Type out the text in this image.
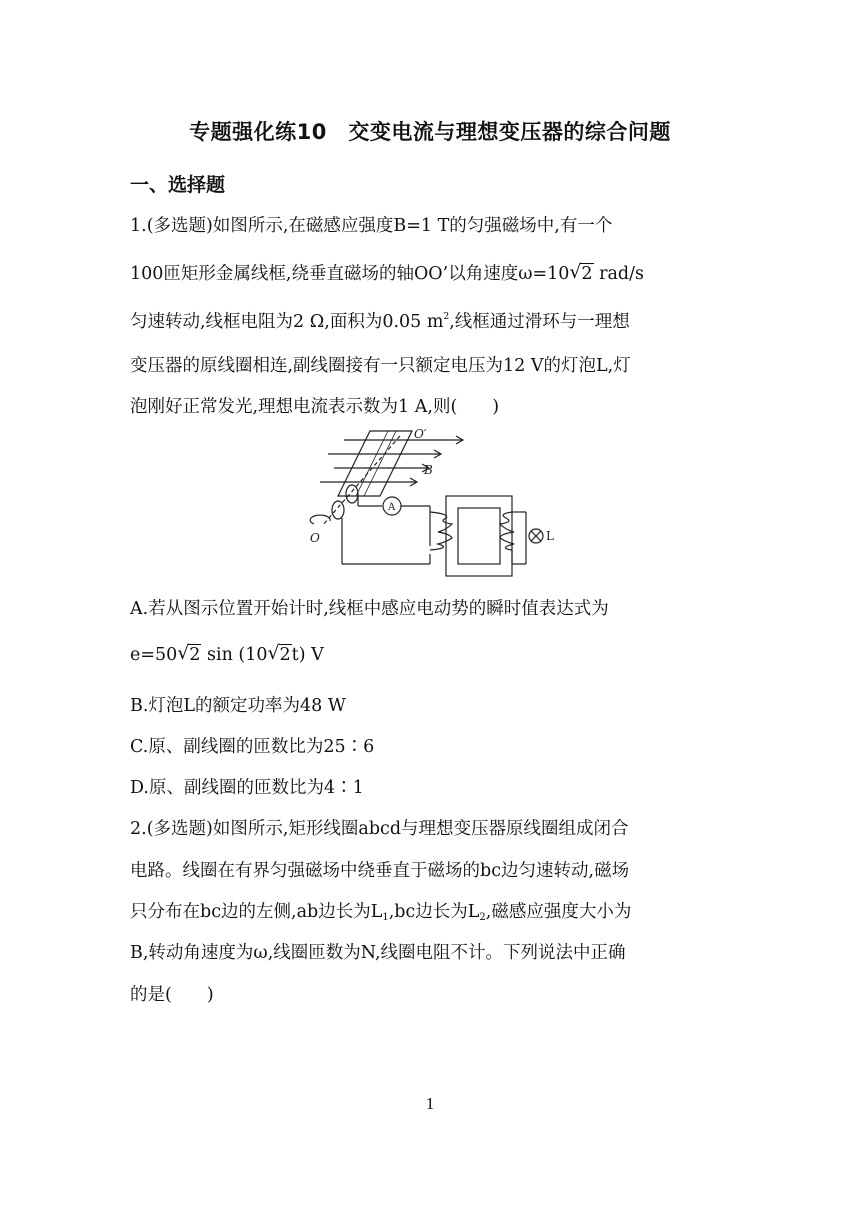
专题强化练10　交变电流与理想变压器的综合问题
一、选择题
1.(多选题)如图所示,在磁感应强度B=1 T的匀强磁场中,有一个
100匝矩形金属线框,绕垂直磁场的轴OO’以角速度ω=10 √ 2 rad/s
匀速转动,线框电阻为2 Ω,面积为0.05 $m^2$,线框通过滑环与一理想
变压器的原线圈相连,副线圈接有一只额定电压为12 V的灯泡L,灯
泡刚好正常发光,理想电流表示数为1 A,则(　　)
O′
B
O
A
L
A.若从图示位置开始计时,线框中感应电动势的瞬时值表达式为
e=50 √ 2 sin (10 √ 2t) V
B.灯泡L的额定功率为48 W
C.原、副线圈的匝数比为25∶6
D.原、副线圈的匝数比为4∶1
2.(多选题)如图所示,矩形线圈abcd与理想变压器原线圈组成闭合
电路。线圈在有界匀强磁场中绕垂直于磁场的bc边匀速转动,磁场
只分布在bc边的左侧,ab边长为$L_1,bc$边长为$L_2$,磁感应强度大小为
B,转动角速度为ω,线圈匝数为N,线圈电阻不计。下列说法中正确
的是(　　)
1
